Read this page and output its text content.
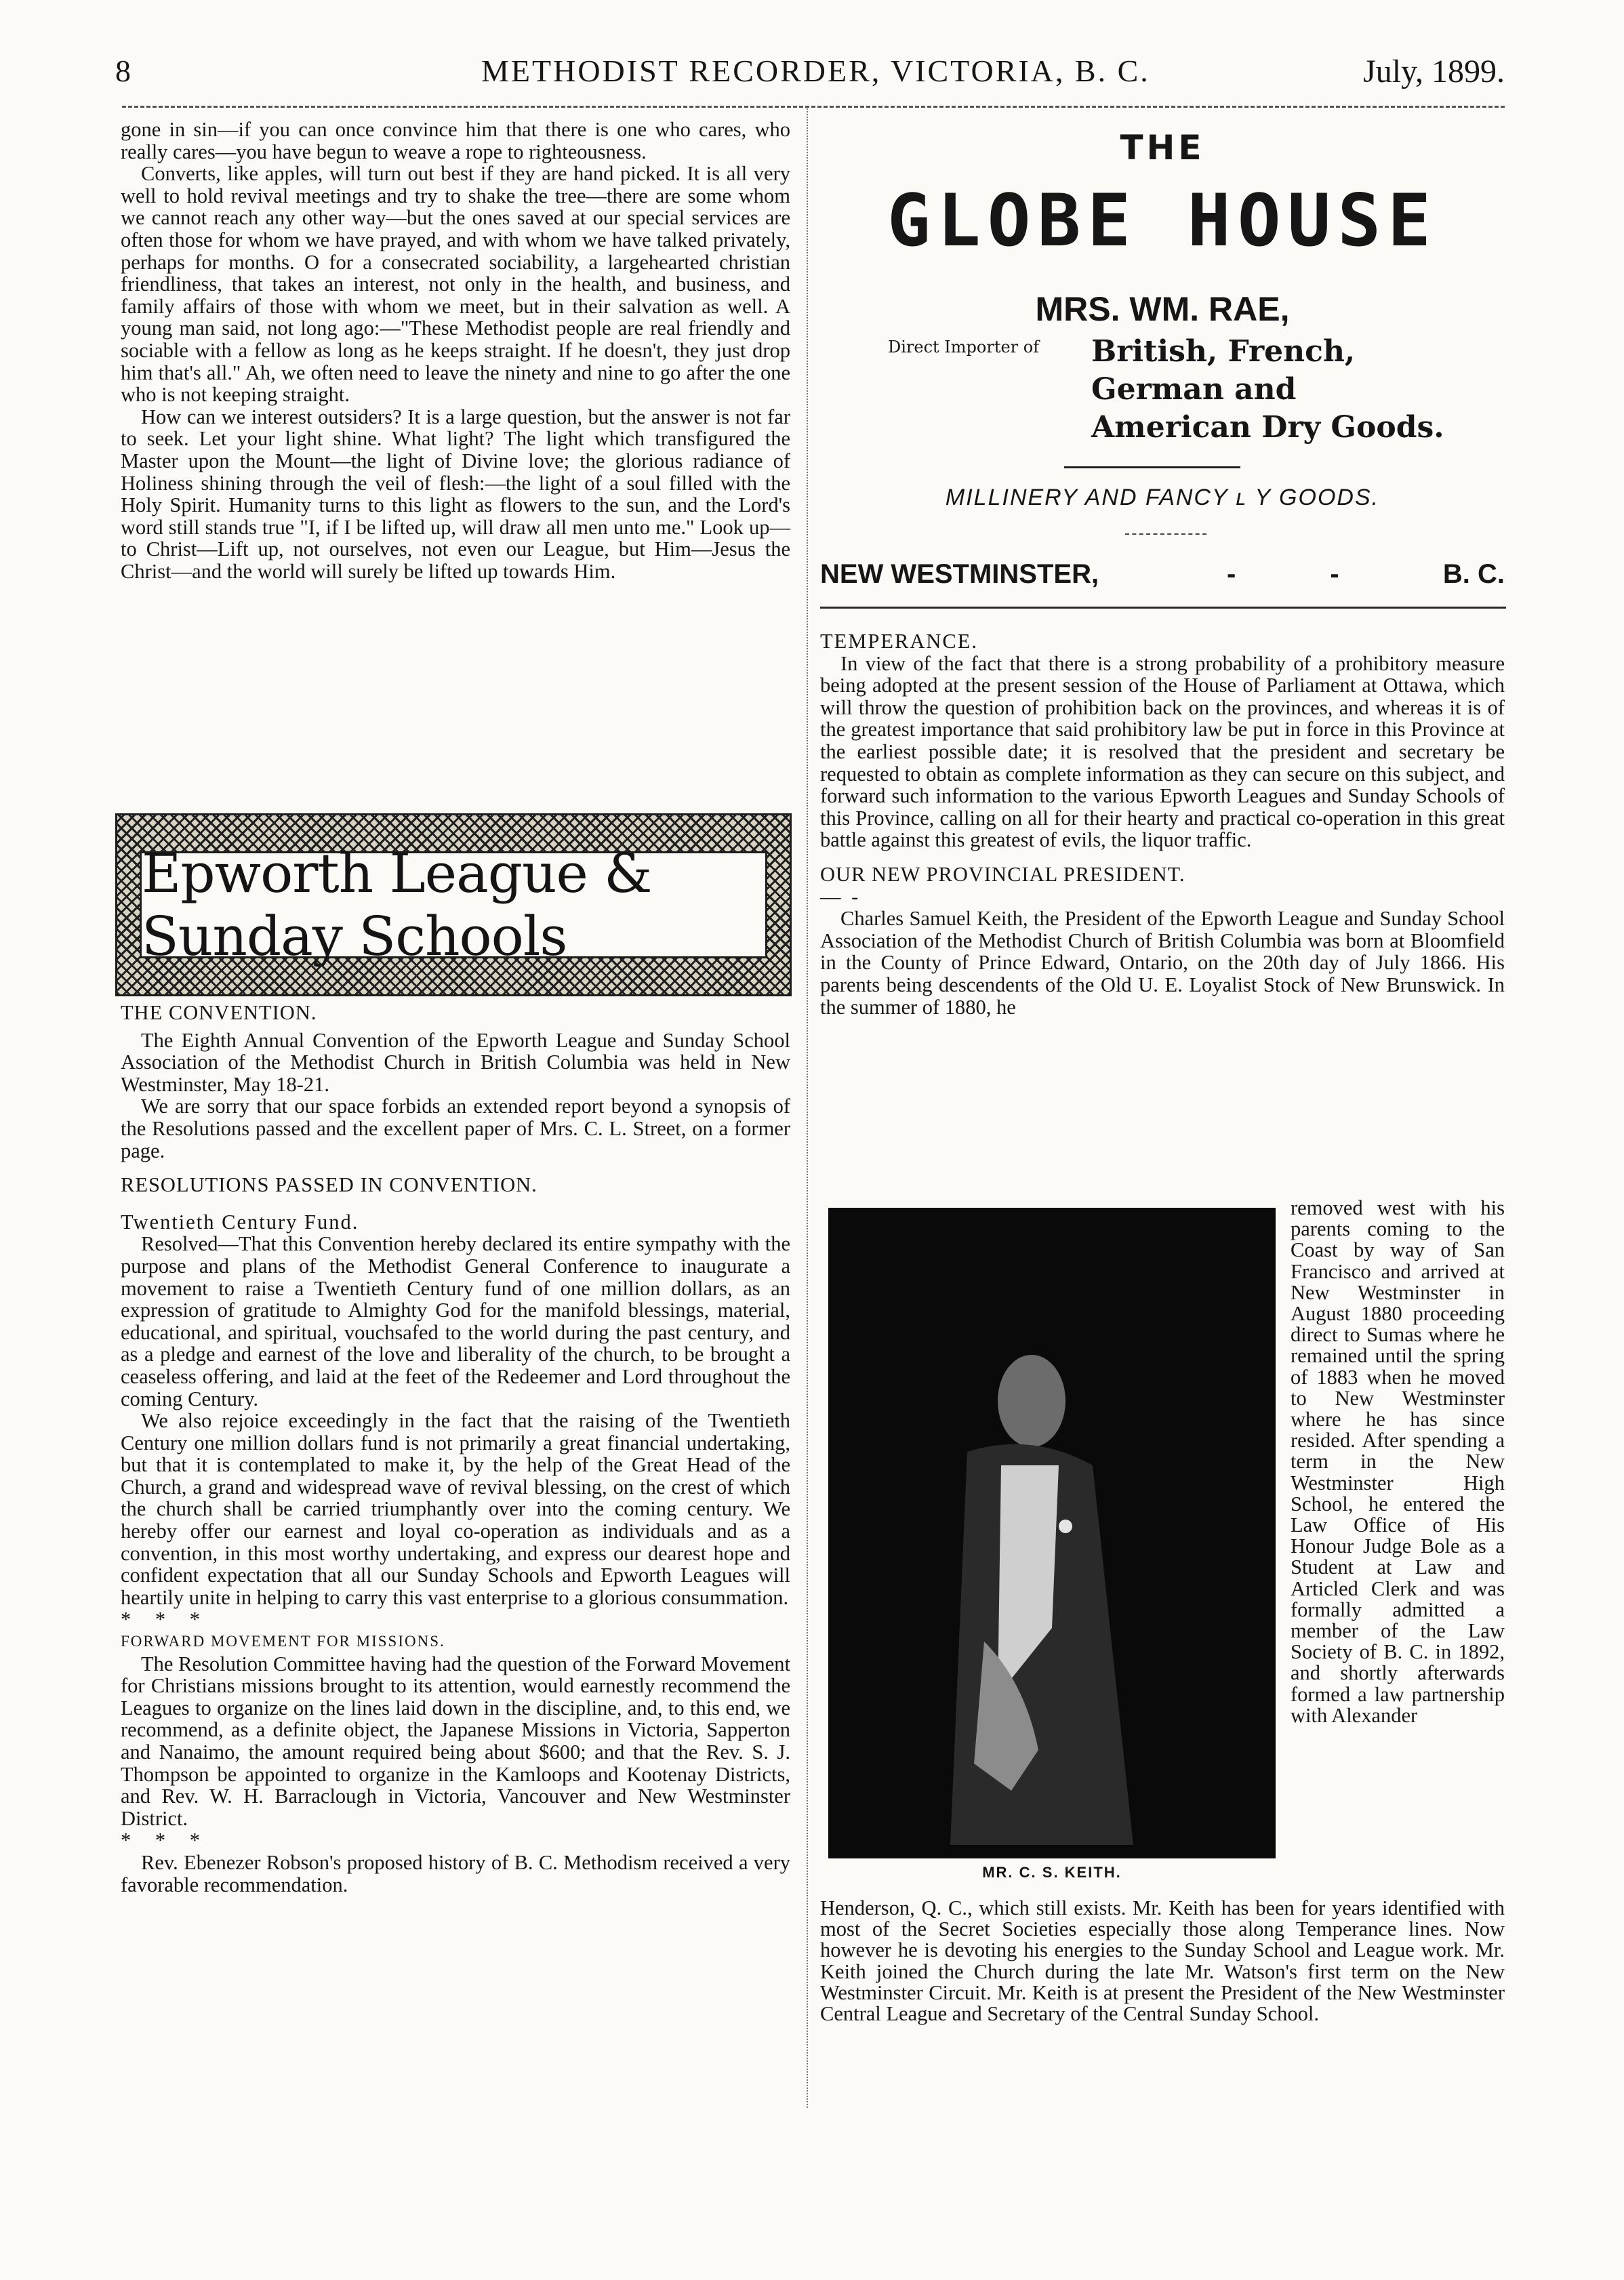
8	METHODIST RECORDER, VICTORIA, B. C.	July, 1899.

gone in sin—if you can once convince him that there is one who cares, who really cares—you have begun to weave a rope to righteousness.

Converts, like apples, will turn out best if they are hand picked. It is all very well to hold revival meetings and try to shake the tree—there are some whom we cannot reach any other way—but the ones saved at our special services are often those for whom we have prayed, and with whom we have talked privately, perhaps for months. O for a consecrated sociability, a largehearted christian friendliness, that takes an interest, not only in the health, and business, and family affairs of those with whom we meet, but in their salvation as well. A young man said, not long ago:—"These Methodist people are real friendly and sociable with a fellow as long as he keeps straight. If he doesn't, they just drop him that's all." Ah, we often need to leave the ninety and nine to go after the one who is not keeping straight.

How can we interest outsiders? It is a large question, but the answer is not far to seek. Let your light shine. What light? The light which transfigured the Master upon the Mount—the light of Divine love; the glorious radiance of Holiness shining through the veil of flesh:—the light of a soul filled with the Holy Spirit. Humanity turns to this light as flowers to the sun, and the Lord's word still stands true "I, if I be lifted up, will draw all men unto me." Look up—to Christ—Lift up, not ourselves, not even our League, but Him—Jesus the Christ—and the world will surely be lifted up towards Him.

Epworth League & Sunday Schools

THE CONVENTION.

The Eighth Annual Convention of the Epworth League and Sunday School Association of the Methodist Church in British Columbia was held in New Westminster, May 18-21.

We are sorry that our space forbids an extended report beyond a synopsis of the Resolutions passed and the excellent paper of Mrs. C. L. Street, on a former page.

RESOLUTIONS PASSED IN CONVENTION.

Twentieth Century Fund.

Resolved—That this Convention hereby declared its entire sympathy with the purpose and plans of the Methodist General Conference to inaugurate a movement to raise a Twentieth Century fund of one million dollars, as an expression of gratitude to Almighty God for the manifold blessings, material, educational, and spiritual, vouchsafed to the world during the past century, and as a pledge and earnest of the love and liberality of the church, to be brought a ceaseless offering, and laid at the feet of the Redeemer and Lord throughout the coming Century.

We also rejoice exceedingly in the fact that the raising of the Twentieth Century one million dollars fund is not primarily a great financial undertaking, but that it is contemplated to make it, by the help of the Great Head of the Church, a grand and widespread wave of revival blessing, on the crest of which the church shall be carried triumphantly over into the coming century. We hereby offer our earnest and loyal co-operation as individuals and as a convention, in this most worthy undertaking, and express our dearest hope and confident expectation that all our Sunday Schools and Epworth Leagues will heartily unite in helping to carry this vast enterprise to a glorious consummation.

* * *

FORWARD MOVEMENT FOR MISSIONS.

The Resolution Committee having had the question of the Forward Movement for Christians missions brought to its attention, would earnestly recommend the Leagues to organize on the lines laid down in the discipline, and, to this end, we recommend, as a definite object, the Japanese Missions in Victoria, Sapperton and Nanaimo, the amount required being about $600; and that the Rev. S. J. Thompson be appointed to organize in the Kamloops and Kootenay Districts, and Rev. W. H. Barraclough in Victoria, Vancouver and New Westminster District.

* * *

Rev. Ebenezer Robson's proposed history of B. C. Methodism received a very favorable recommendation.

THE
GLOBE HOUSE
MRS. WM. RAE,
Direct Importer of British, French,
German and
American Dry Goods.
MILLINERY AND FANCY ʟ Y GOODS.
NEW WESTMINSTER,	- - B. C.

TEMPERANCE.

In view of the fact that there is a strong probability of a prohibitory measure being adopted at the present session of the House of Parliament at Ottawa, which will throw the question of prohibition back on the provinces, and whereas it is of the greatest importance that said prohibitory law be put in force in this Province at the earliest possible date; it is resolved that the president and secretary be requested to obtain as complete information as they can secure on this subject, and forward such information to the various Epworth Leagues and Sunday Schools of this Province, calling on all for their hearty and practical co-operation in this great battle against this greatest of evils, the liquor traffic.

OUR NEW PROVINCIAL PRESIDENT.

— -

Charles Samuel Keith, the President of the Epworth League and Sunday School Association of the Methodist Church of British Columbia was born at Bloomfield in the County of Prince Edward, Ontario, on the 20th day of July 1866. His parents being descendents of the Old U. E. Loyalist Stock of New Brunswick. In the summer of 1880, he

MR. C. S. KEITH.

removed west with his parents coming to the Coast by way of San Francisco and arrived at New Westminster in August 1880 proceeding direct to Sumas where he remained until the spring of 1883 when he moved to New Westminster where he has since resided. After spending a term in the New Westminster High School, he entered the Law Office of His Honour Judge Bole as a Student at Law and Articled Clerk and was formally admitted a member of the Law Society of B. C. in 1892, and shortly afterwards formed a law partnership with Alexander

Henderson, Q. C., which still exists. Mr. Keith has been for years identified with most of the Secret Societies especially those along Temperance lines. Now however he is devoting his energies to the Sunday School and League work. Mr. Keith joined the Church during the late Mr. Watson's first term on the New Westminster Circuit. Mr. Keith is at present the President of the New Westminster Central League and Secretary of the Central Sunday School.
